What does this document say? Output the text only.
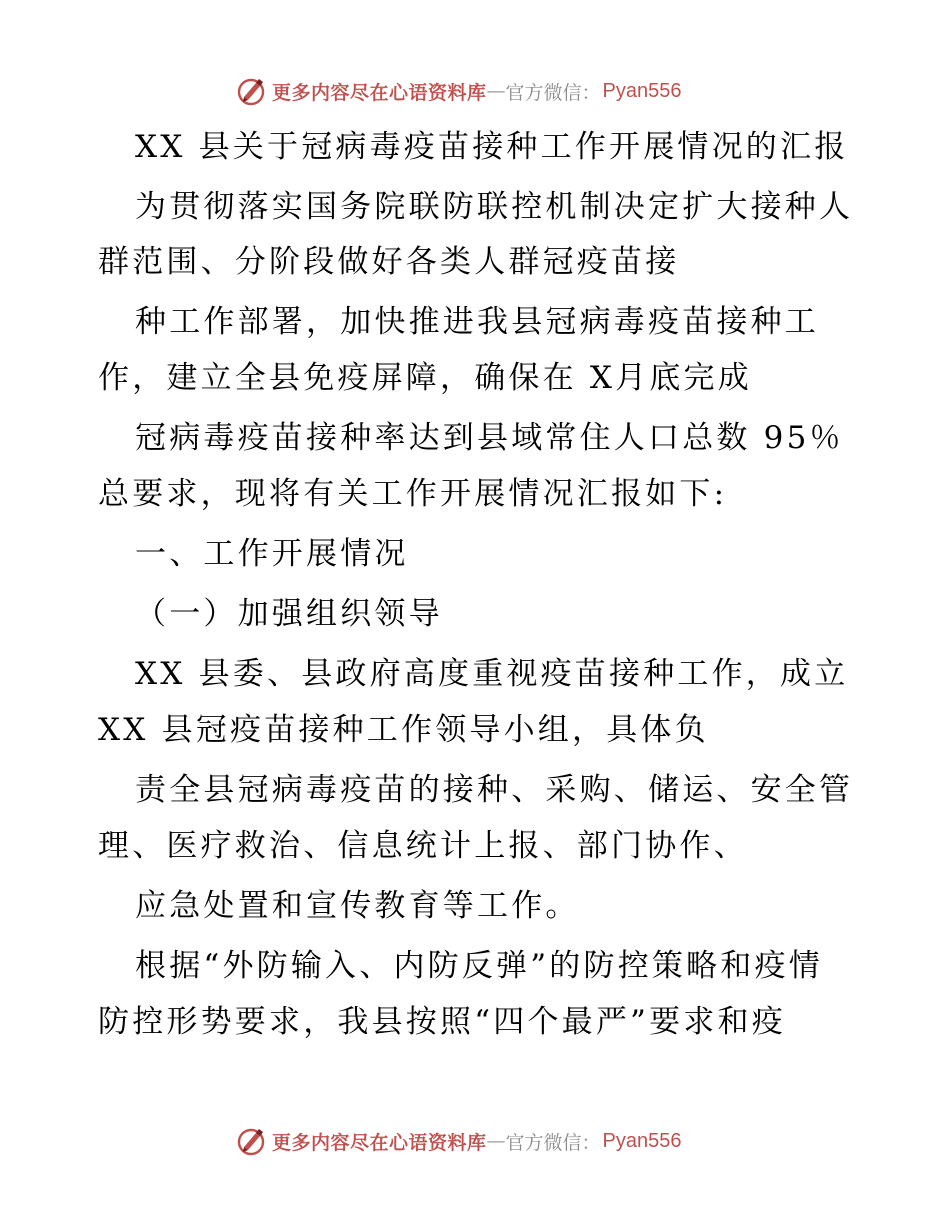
更多内容尽在心语资料库 — 官方微信： Pyan556
XX 县关于冠病毒疫苗接种工作开展情况的汇报
为贯彻落实国务院联防联控机制决定扩大接种人
群范围、分阶段做好各类人群冠疫苗接
种工作部署，加快推进我县冠病毒疫苗接种工
作，建立全县免疫屏障，确保在 X月底完成
冠病毒疫苗接种率达到县域常住人口总数 95％
总要求，现将有关工作开展情况汇报如下:
一、工作开展情况
（一）加强组织领导
XX 县委、县政府高度重视疫苗接种工作，成立
XX 县冠疫苗接种工作领导小组，具体负
责全县冠病毒疫苗的接种、采购、储运、安全管
理、医疗救治、信息统计上报、部门协作、
应急处置和宣传教育等工作。
根据“外防输入、内防反弹”的防控策略和疫情
防控形势要求，我县按照“四个最严”要求和疫
更多内容尽在心语资料库 — 官方微信： Pyan556
